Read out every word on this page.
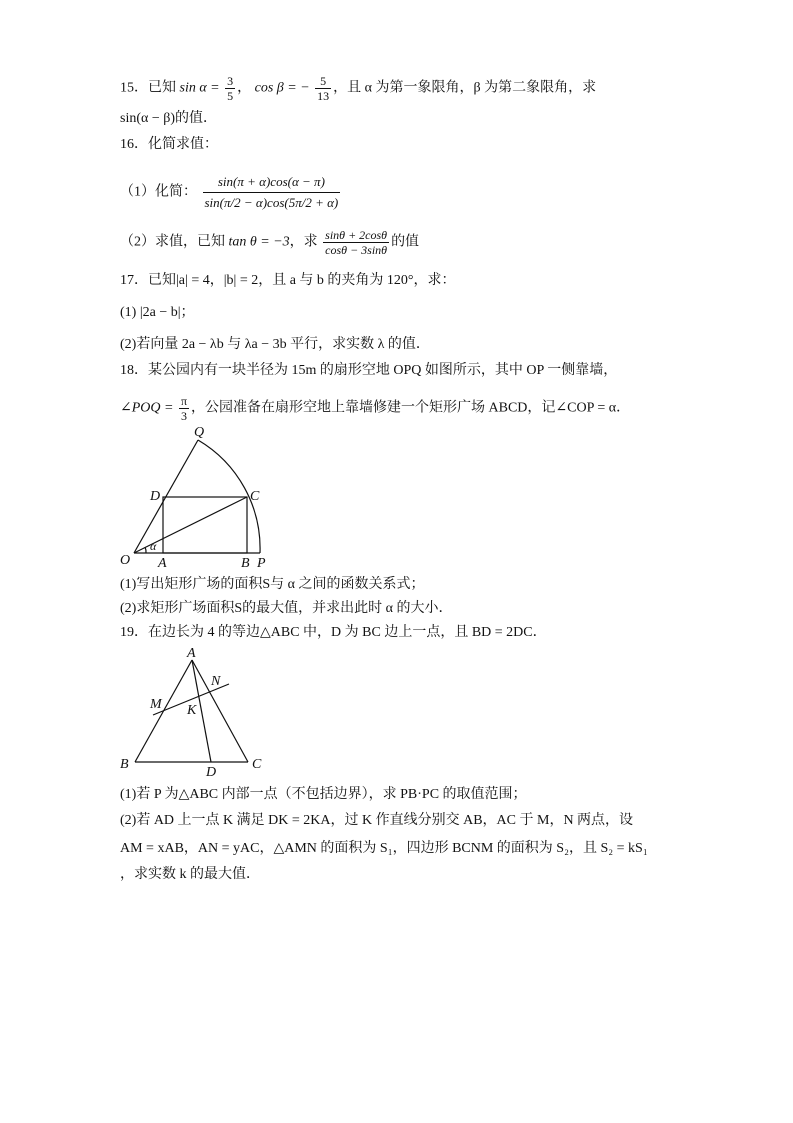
15．已知 $\sin \alpha = \frac{3}{5}$ ， cos β = − $\frac{5}{13}$ ，且 α 为第一象限角，β 为第二象限角，求
sin(α − β)的值．
16．化简求值：
（1）化简： $\frac{\sin(\pi + \alpha)\cos(\alpha - \pi)}{\sin(\pi/2 - \alpha)\cos(5\pi/2 + \alpha)}$
（2）求值，已知 tan θ = −3，求 $\frac{\sin\theta + 2\cos\theta}{\cos\theta - 3\sin\theta}$ 的值
17．已知|a| = 4，|b| = 2，且 a 与 b 的夹角为 120°，求：
(1) |2a − b|；
(2)若向量 2a − λb 与 λa − 3b 平行，求实数 λ 的值．
18．某公园内有一块半径为 15m 的扇形空地 OPQ 如图所示，其中 OP 一侧靠墙，
∠POQ = $\frac{\pi}{3}$ ，公园准备在扇形空地上靠墙修建一个矩形广场 ABCD，记∠COP = α．
Q
D	C
O A	B P
α
(1)写出矩形广场的面积S与 α 之间的函数关系式；
(2)求矩形广场面积S的最大值，并求出此时 α 的大小．
19．在边长为 4 的等边△ABC 中，D 为 BC 边上一点，且 BD = 2DC．
A
N
M K
B
D
C
(1)若 P 为△ABC 内部一点（不包括边界），求 PB·PC 的取值范围；
(2)若 AD 上一点 K 满足 DK = 2KA，过 K 作直线分别交 AB，AC 于 M，N 两点，设
AM = xAB，AN = yAC，△AMN 的面积为 S₁，四边形 BCNM 的面积为 S₂，且 S₂ = kS₁
，求实数 k 的最大值．
